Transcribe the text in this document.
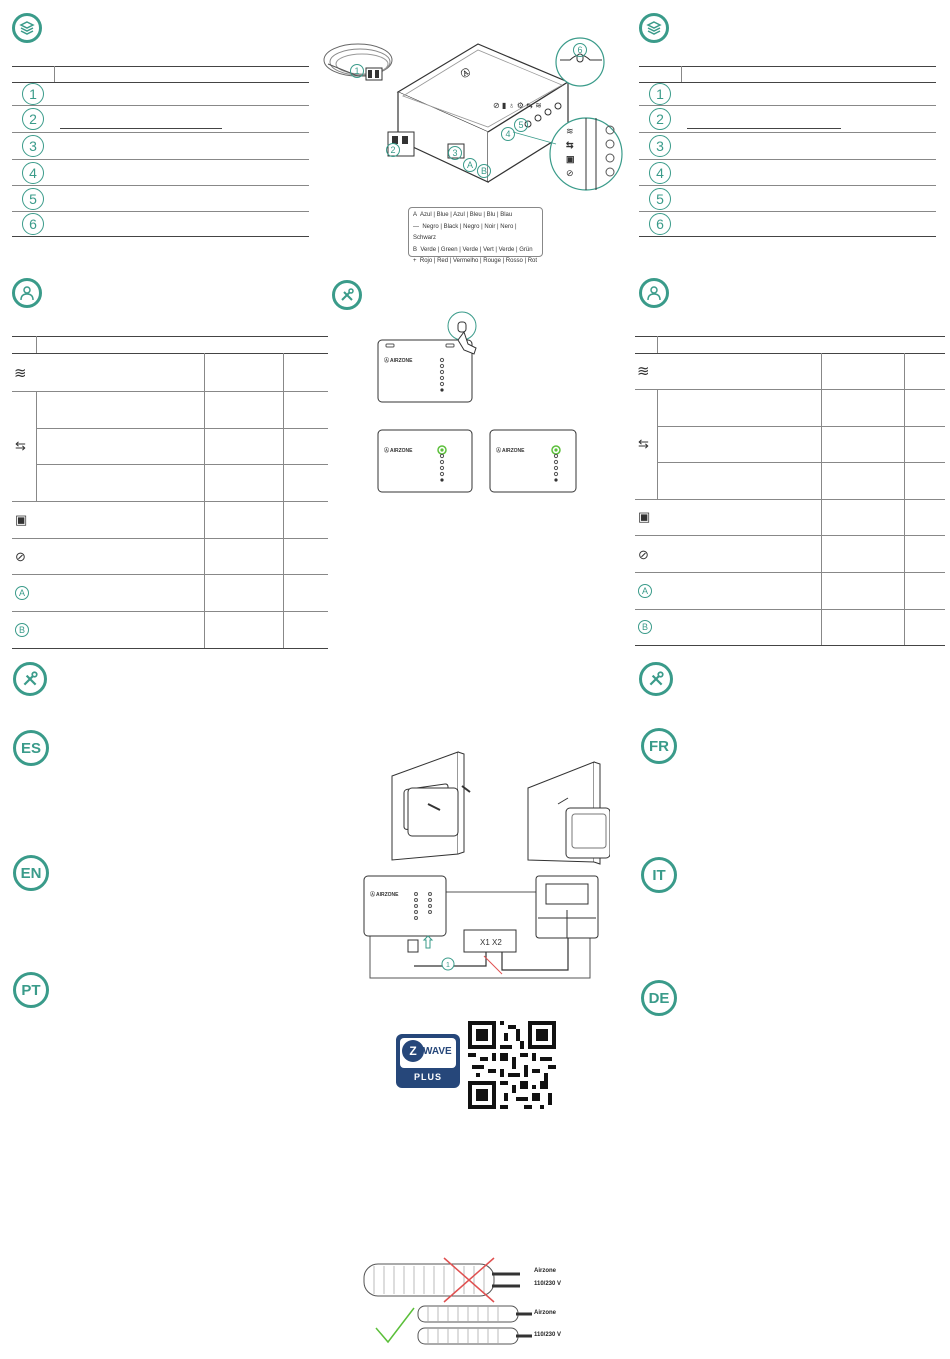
1
2
3
4
5
6
1
2
3
4
5
6
Ⓐ
⊘ ▮ ♁ ⚙ ⇆ ≋
≋
⇆
▣
⊘
1
2	3
4
5
6
A
B
A Azul | Blue | Azul | Bleu | Blu | Blau
— Negro | Black | Negro | Noir | Nero | Schwarz
B Verde | Green | Verde | Vert | Verde | Grün
+ Rojo | Red | Vermelho | Rouge | Rosso | Rot
≋
⇆
▣
⊘
A
B
≋
⇆
▣
⊘
A
B
Ⓐ AIRZONE
Ⓐ AIRZONE	Ⓐ AIRZONE
ES
EN
PT
FR
IT
DE
Ⓐ AIRZONE
X1 X2
1
Z WAVE
PLUS
Airzone
110/230 V
Airzone
110/230 V
